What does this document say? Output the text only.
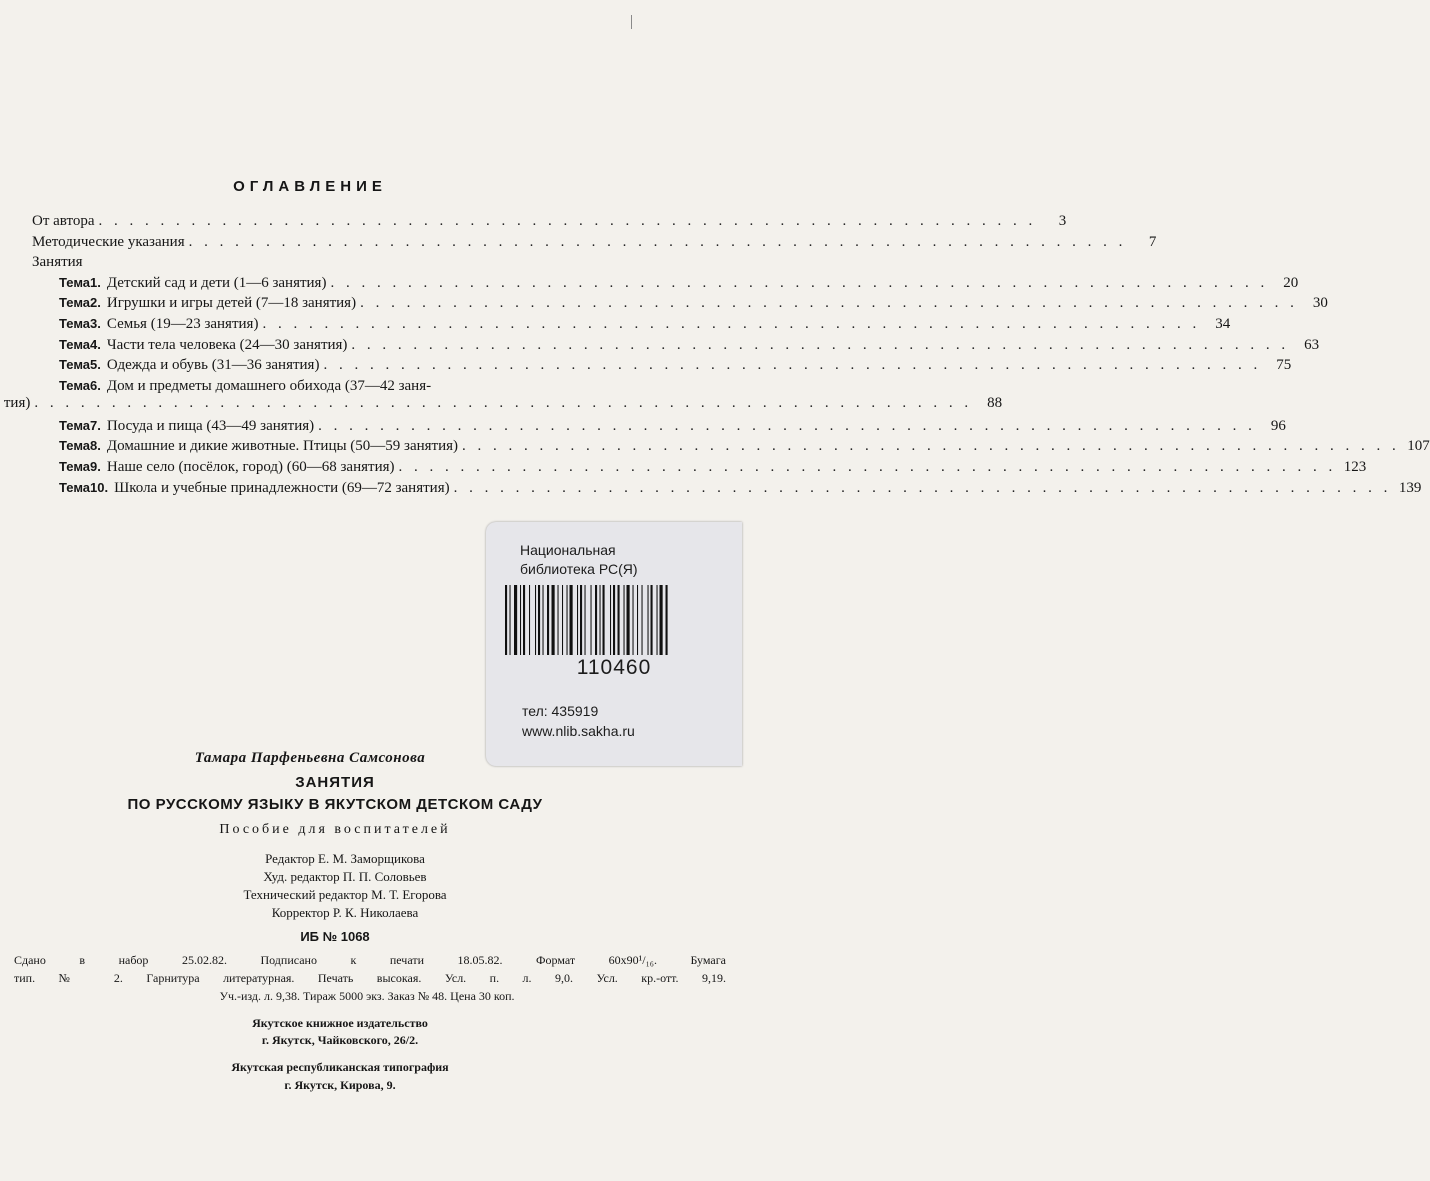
ОГЛАВЛЕНИЕ
От автора . . .	3
Методические указания . . .	7
Занятия
Тема 1. Детский сад и дети (1—6 занятия) . . .	20
Тема 2. Игрушки и игры детей (7—18 занятия) . . .	30
Тема 3. Семья (19—23 занятия) . . .	34
Тема 4. Части тела человека (24—30 занятия) . . .	63
Тема 5. Одежда и обувь (31—36 занятия) . . .	75
Тема 6. Дом и предметы домашнего обихода (37—42 заня-
тия) . . .	88
Тема 7. Посуда и пища (43—49 занятия) . . .	96
Тема 8. Домашние и дикие животные. Птицы (50—59 занятия) . . .	107
Тема 9. Наше село (посёлок, город) (60—68 занятия) . . .	123
Тема 10. Школа и учебные принадлежности (69—72 занятия) . . .	139
Национальная
библиотека РС(Я)
110460
тел: 435919
www.nlib.sakha.ru
Тамара Парфеньевна Самсонова
ЗАНЯТИЯ
ПО РУССКОМУ ЯЗЫКУ В ЯКУТСКОМ ДЕТСКОМ САДУ
Пособие для воспитателей
Редактор Е. М. Заморщикова
Худ. редактор П. П. Соловьев
Технический редактор М. Т. Егорова
Корректор Р. К. Николаева
ИБ № 1068
Сдано в набор 25.02.82. Подписано к печати 18.05.82. Формат 60x90¹/₁₆. Бумага
тип. № 2. Гарнитура литературная. Печать высокая. Усл. п. л. 9,0. Усл. кр.-отт. 9,19.
Уч.-изд. л. 9,38. Тираж 5000 экз. Заказ № 48. Цена 30 коп.
Якутское книжное издательство
г. Якутск, Чайковского, 26/2.
Якутская республиканская типография
г. Якутск, Кирова, 9.
